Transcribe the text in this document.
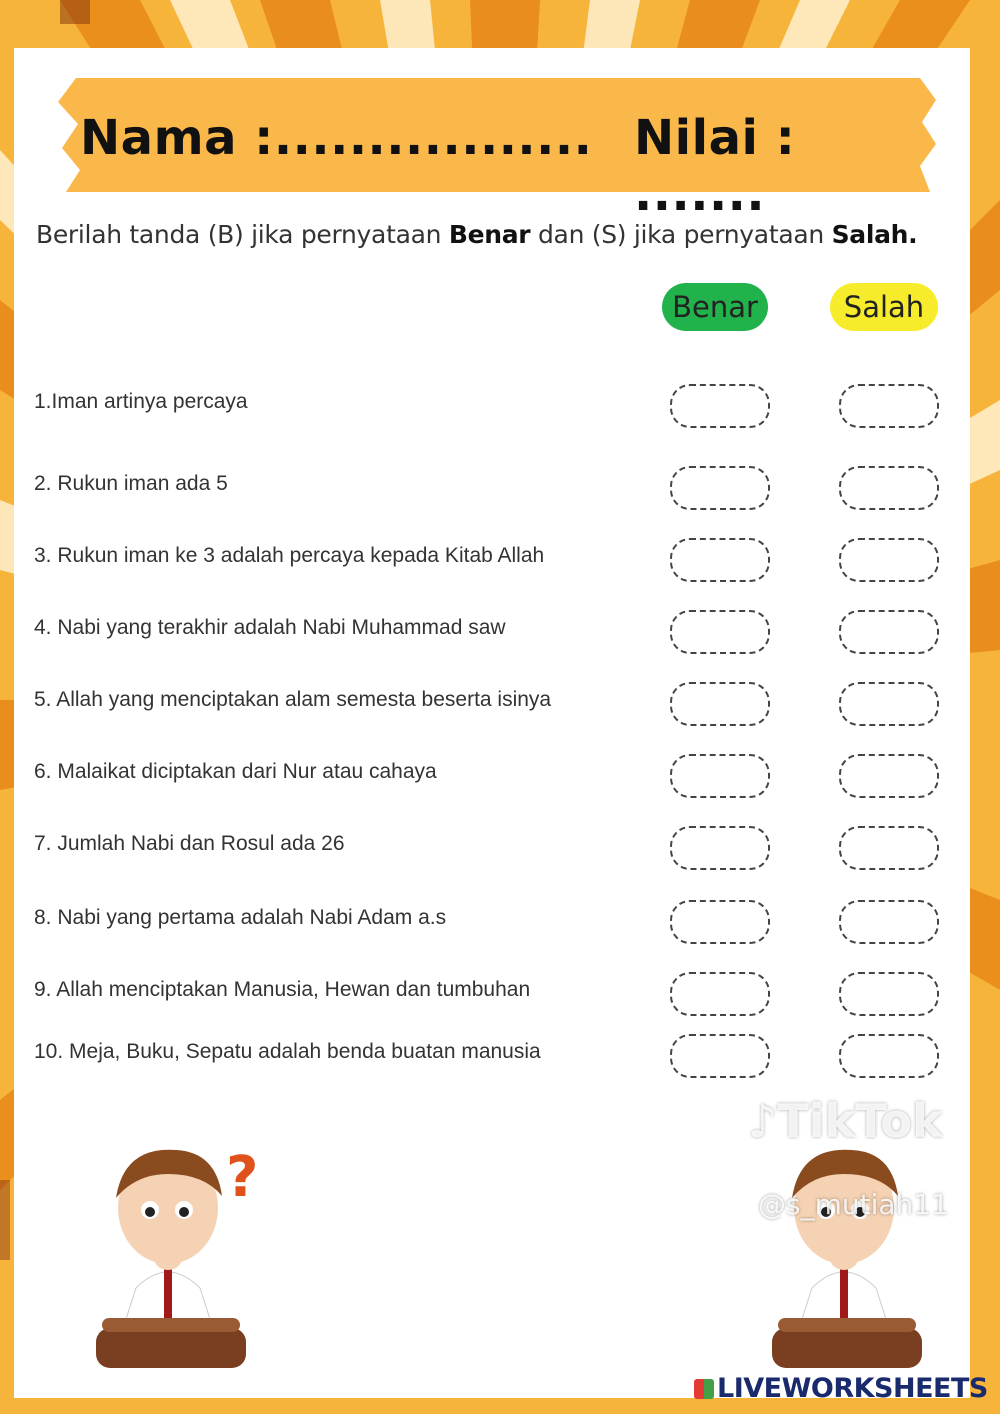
Nama :................. Nilai : .......
Berilah tanda (B) jika pernyataan Benar dan (S) jika pernyataan Salah.
Benar	Salah
1.Iman artinya percaya
2. Rukun iman ada 5
3. Rukun iman ke 3 adalah percaya kepada Kitab Allah
4. Nabi yang terakhir adalah Nabi Muhammad saw
5. Allah yang menciptakan alam semesta beserta isinya
6. Malaikat diciptakan dari Nur atau cahaya
7. Jumlah Nabi dan Rosul ada 26
8. Nabi yang pertama adalah Nabi Adam a.s
9. Allah menciptakan Manusia, Hewan dan tumbuhan
10. Meja, Buku, Sepatu adalah benda buatan manusia
?
♪TikTok
@s_mutiah11
LIVEWORKSHEETS
